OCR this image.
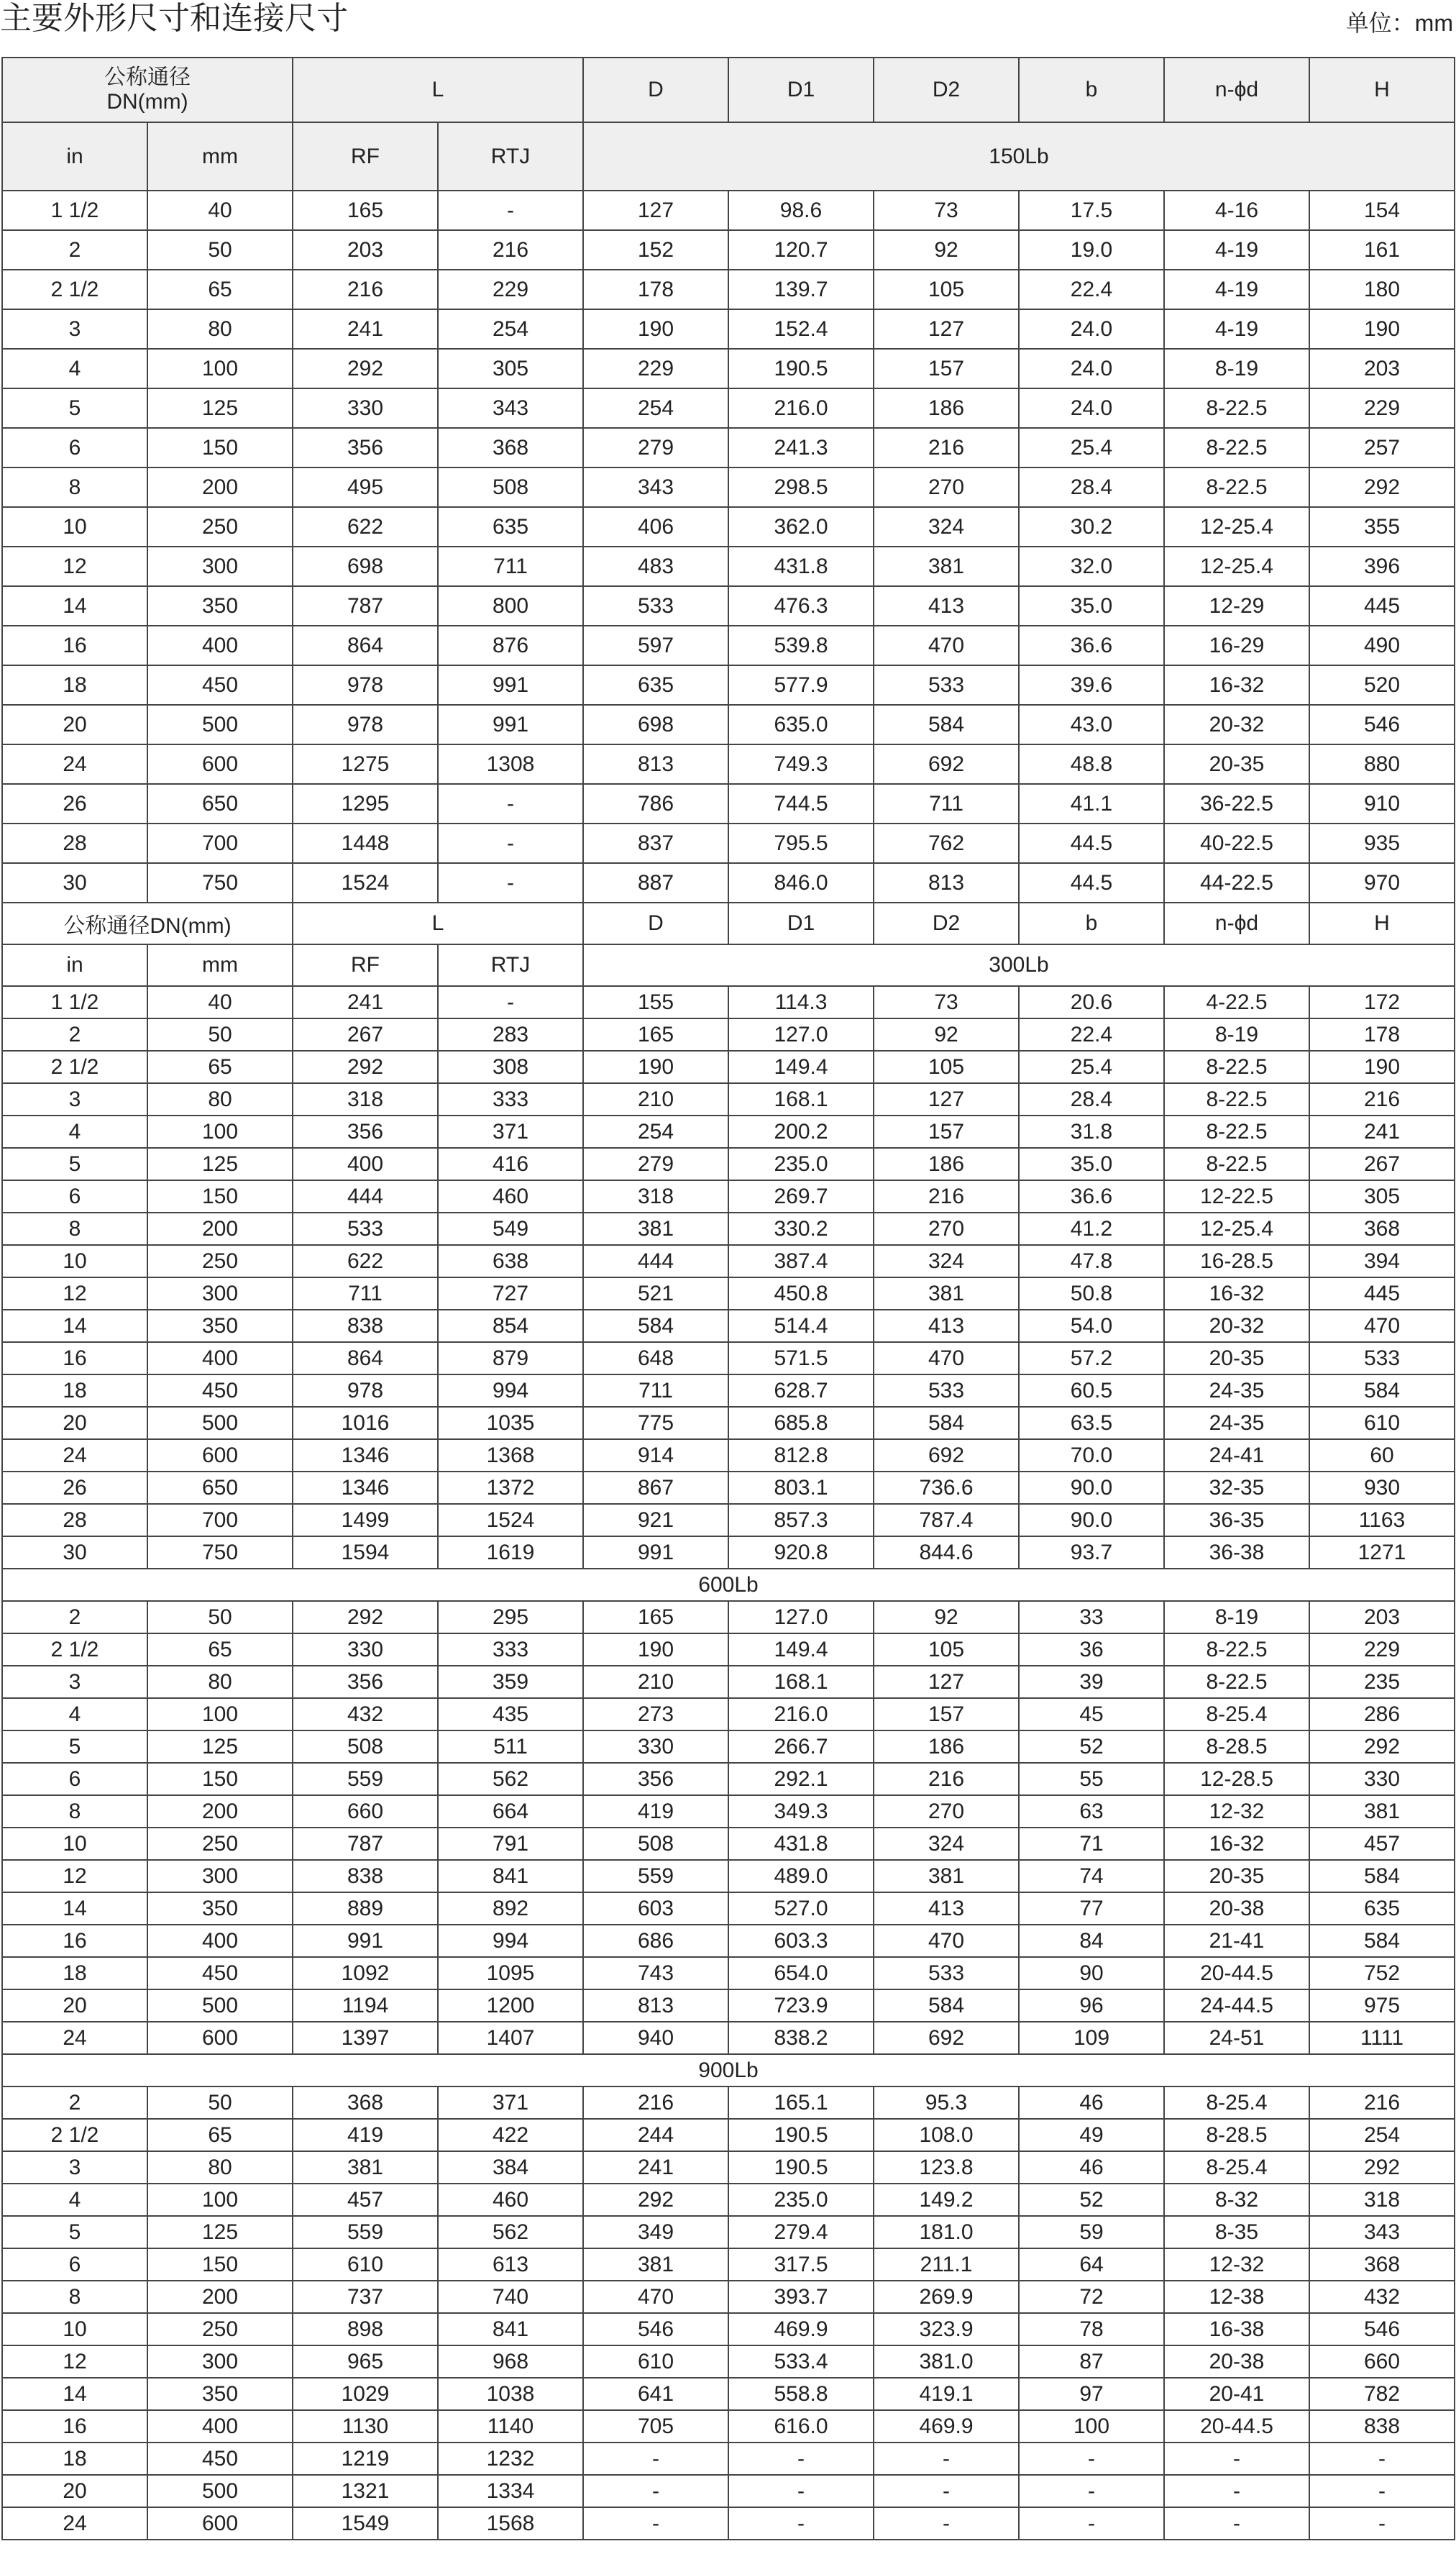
主要外形尺寸和连接尺寸	单位：mm
公称通径
DN(mm)		L		D	D1	D2	b	n-ϕd	H
in	mm	RF	RTJ	150Lb					
1 1/2	40	165	-	127	98.6	73	17.5	4-16	154
2	50	203	216	152	120.7	92	19.0	4-19	161
2 1/2	65	216	229	178	139.7	105	22.4	4-19	180
3	80	241	254	190	152.4	127	24.0	4-19	190
4	100	292	305	229	190.5	157	24.0	8-19	203
5	125	330	343	254	216.0	186	24.0	8-22.5	229
6	150	356	368	279	241.3	216	25.4	8-22.5	257
8	200	495	508	343	298.5	270	28.4	8-22.5	292
10	250	622	635	406	362.0	324	30.2	12-25.4	355
12	300	698	711	483	431.8	381	32.0	12-25.4	396
14	350	787	800	533	476.3	413	35.0	12-29	445
16	400	864	876	597	539.8	470	36.6	16-29	490
18	450	978	991	635	577.9	533	39.6	16-32	520
20	500	978	991	698	635.0	584	43.0	20-32	546
24	600	1275	1308	813	749.3	692	48.8	20-35	880
26	650	1295	-	786	744.5	711	41.1	36-22.5	910
28	700	1448	-	837	795.5	762	44.5	40-22.5	935
30	750	1524	-	887	846.0	813	44.5	44-22.5	970
公称通径DN(mm)		L		D	D1	D2	b	n-ϕd	H
in	mm	RF	RTJ	300Lb					
1 1/2	40	241	-	155	114.3	73	20.6	4-22.5	172
2	50	267	283	165	127.0	92	22.4	8-19	178
2 1/2	65	292	308	190	149.4	105	25.4	8-22.5	190
3	80	318	333	210	168.1	127	28.4	8-22.5	216
4	100	356	371	254	200.2	157	31.8	8-22.5	241
5	125	400	416	279	235.0	186	35.0	8-22.5	267
6	150	444	460	318	269.7	216	36.6	12-22.5	305
8	200	533	549	381	330.2	270	41.2	12-25.4	368
10	250	622	638	444	387.4	324	47.8	16-28.5	394
12	300	711	727	521	450.8	381	50.8	16-32	445
14	350	838	854	584	514.4	413	54.0	20-32	470
16	400	864	879	648	571.5	470	57.2	20-35	533
18	450	978	994	711	628.7	533	60.5	24-35	584
20	500	1016	1035	775	685.8	584	63.5	24-35	610
24	600	1346	1368	914	812.8	692	70.0	24-41	60
26	650	1346	1372	867	803.1	736.6	90.0	32-35	930
28	700	1499	1524	921	857.3	787.4	90.0	36-35	1163
30	750	1594	1619	991	920.8	844.6	93.7	36-38	1271
600Lb									
2	50	292	295	165	127.0	92	33	8-19	203
2 1/2	65	330	333	190	149.4	105	36	8-22.5	229
3	80	356	359	210	168.1	127	39	8-22.5	235
4	100	432	435	273	216.0	157	45	8-25.4	286
5	125	508	511	330	266.7	186	52	8-28.5	292
6	150	559	562	356	292.1	216	55	12-28.5	330
8	200	660	664	419	349.3	270	63	12-32	381
10	250	787	791	508	431.8	324	71	16-32	457
12	300	838	841	559	489.0	381	74	20-35	584
14	350	889	892	603	527.0	413	77	20-38	635
16	400	991	994	686	603.3	470	84	21-41	584
18	450	1092	1095	743	654.0	533	90	20-44.5	752
20	500	1194	1200	813	723.9	584	96	24-44.5	975
24	600	1397	1407	940	838.2	692	109	24-51	1111
900Lb									
2	50	368	371	216	165.1	95.3	46	8-25.4	216
2 1/2	65	419	422	244	190.5	108.0	49	8-28.5	254
3	80	381	384	241	190.5	123.8	46	8-25.4	292
4	100	457	460	292	235.0	149.2	52	8-32	318
5	125	559	562	349	279.4	181.0	59	8-35	343
6	150	610	613	381	317.5	211.1	64	12-32	368
8	200	737	740	470	393.7	269.9	72	12-38	432
10	250	898	841	546	469.9	323.9	78	16-38	546
12	300	965	968	610	533.4	381.0	87	20-38	660
14	350	1029	1038	641	558.8	419.1	97	20-41	782
16	400	1130	1140	705	616.0	469.9	100	20-44.5	838
18	450	1219	1232	-	-	-	-	-	-
20	500	1321	1334	-	-	-	-	-	-
24	600	1549	1568	-	-	-	-	-	-
